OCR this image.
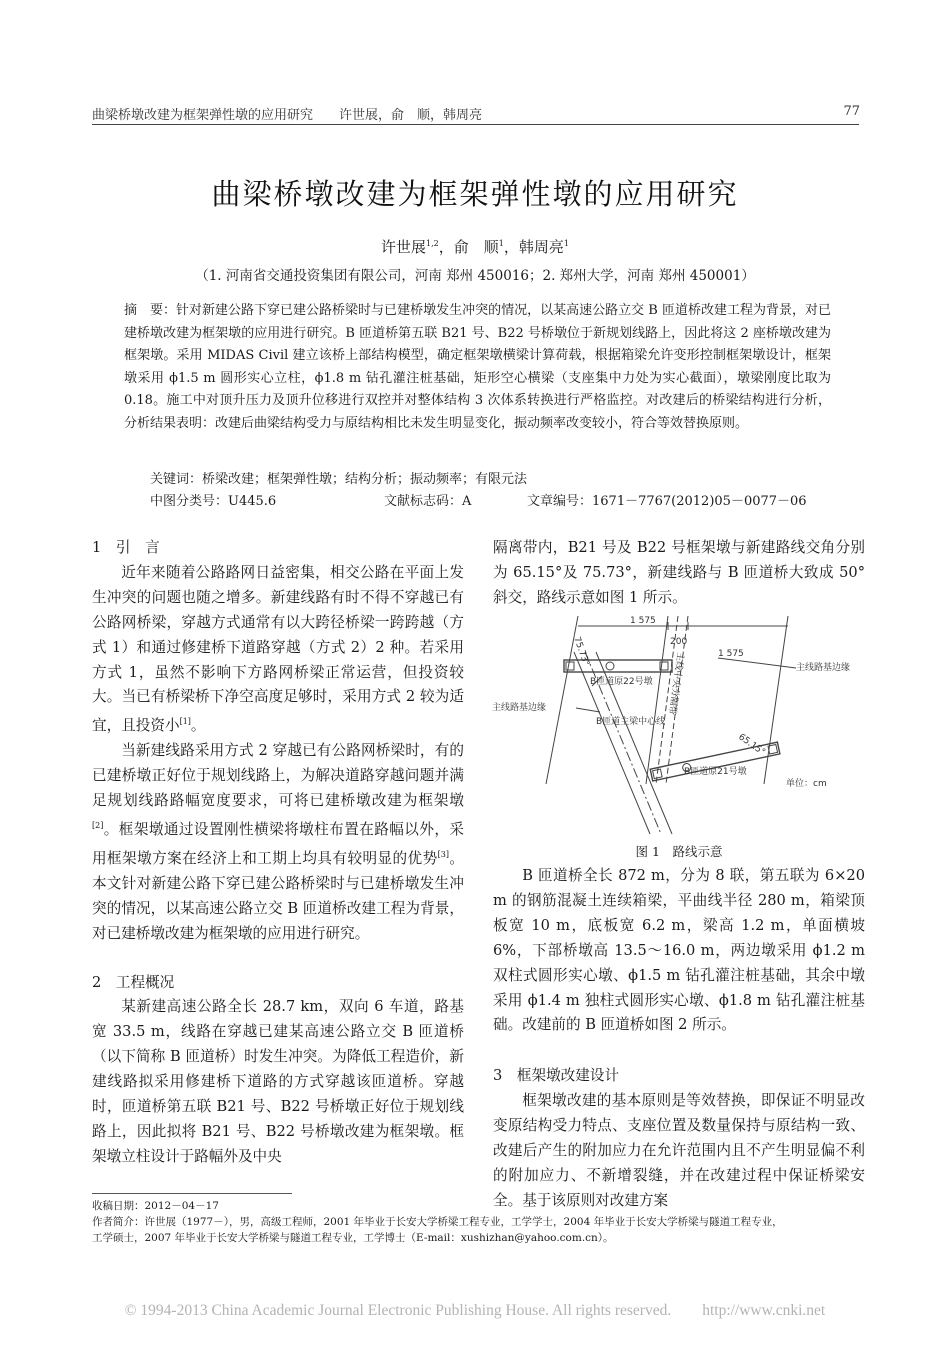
曲梁桥墩改建为框架弹性墩的应用研究　　许世展，俞　顺，韩周亮	77
曲梁桥墩改建为框架弹性墩的应用研究
许世展$^{1,2}$，俞　顺$^1$，韩周亮$^1$
（1. 河南省交通投资集团有限公司，河南 郑州 450016；2. 郑州大学，河南 郑州 450001）
摘　要：针对新建公路下穿已建公路桥梁时与已建桥墩发生冲突的情况，以某高速公路立交 B 匝道桥改建工程为背景，对已建桥墩改建为框架墩的应用进行研究。B 匝道桥第五联 B21 号、B22 号桥墩位于新规划线路上，因此将这 2 座桥墩改建为框架墩。采用 MIDAS Civil 建立该桥上部结构模型，确定框架墩横梁计算荷载，根据箱梁允许变形控制框架墩设计，框架墩采用 ϕ1.5 m 圆形实心立柱，ϕ1.8 m 钻孔灌注桩基础，矩形空心横梁（支座集中力处为实心截面），墩梁刚度比取为 0.18。施工中对顶升压力及顶升位移进行双控并对整体结构 3 次体系转换进行严格监控。对改建后的桥梁结构进行分析，分析结果表明：改建后曲梁结构受力与原结构相比未发生明显变化，振动频率改变较小，符合等效替换原则。
关键词：桥梁改建；框架弹性墩；结构分析；振动频率；有限元法
中图分类号：U445.6	文献标志码：A	文章编号：1671－7767(2012)05－0077－06
1　引　言

近年来随着公路路网日益密集，相交公路在平面上发生冲突的问题也随之增多。新建线路有时不得不穿越已有公路网桥梁，穿越方式通常有以大跨径桥梁一跨跨越（方式 1）和通过修建桥下道路穿越（方式 2）2 种。若采用方式 1，虽然不影响下方路网桥梁正常运营，但投资较大。当已有桥梁桥下净空高度足够时，采用方式 2 较为适宜，且投资小[1]。

当新建线路采用方式 2 穿越已有公路网桥梁时，有的已建桥墩正好位于规划线路上，为解决道路穿越问题并满足规划线路路幅宽度要求，可将已建桥墩改建为框架墩[2]。框架墩通过设置刚性横梁将墩柱布置在路幅以外，采用框架墩方案在经济上和工期上均具有较明显的优势[3]。本文针对新建公路下穿已建公路桥梁时与已建桥墩发生冲突的情况，以某高速公路立交 B 匝道桥改建工程为背景，对已建桥墩改建为框架墩的应用进行研究。

2　工程概况

某新建高速公路全长 28.7 km，双向 6 车道，路基宽 33.5 m，线路在穿越已建某高速公路立交 B 匝道桥（以下简称 B 匝道桥）时发生冲突。为降低工程造价，新建线路拟采用修建桥下道路的方式穿越该匝道桥。穿越时，匝道桥第五联 B21 号、B22 号桥墩正好位于规划线路上，因此拟将 B21 号、B22 号桥墩改建为框架墩。框架墩立柱设计于路幅外及中央

隔离带内，B21 号及 B22 号框架墩与新建路线交角分别为 65.15°及 75.73°，新建线路与 B 匝道桥大致成 50°斜交，路线示意如图 1 所示。
1 575
200
1 575
75.73°
65.15°
B匝道原22号墩
B匝道原21号墩
主线路基边缘
主线路基边缘
B匝道主梁中心线
主线中央分隔带
单位：cm
图 1　路线示意

B 匝道桥全长 872 m，分为 8 联，第五联为 6×20 m 的钢筋混凝土连续箱梁，平曲线半径 280 m，箱梁顶板宽 10 m，底板宽 6.2 m，梁高 1.2 m，单面横坡 6%，下部桥墩高 13.5～16.0 m，两边墩采用 ϕ1.2 m 双柱式圆形实心墩、ϕ1.5 m 钻孔灌注桩基础，其余中墩采用 ϕ1.4 m 独柱式圆形实心墩、ϕ1.8 m 钻孔灌注桩基础。改建前的 B 匝道桥如图 2 所示。

3　框架墩改建设计

框架墩改建的基本原则是等效替换，即保证不明显改变原结构受力特点、支座位置及数量保持与原结构一致、改建后产生的附加应力在允许范围内且不产生明显偏不利的附加应力、不新增裂缝，并在改建过程中保证桥梁安全。基于该原则对改建方案

收稿日期：2012－04－17
作者简介：许世展（1977－），男，高级工程师，2001 年毕业于长安大学桥梁工程专业，工学学士，2004 年毕业于长安大学桥梁与隧道工程专业，
工学硕士，2007 年毕业于长安大学桥梁与隧道工程专业，工学博士（E-mail：xushizhan@yahoo.com.cn）。
© 1994-2013 China Academic Journal Electronic Publishing House. All rights reserved.　　http://www.cnki.net
